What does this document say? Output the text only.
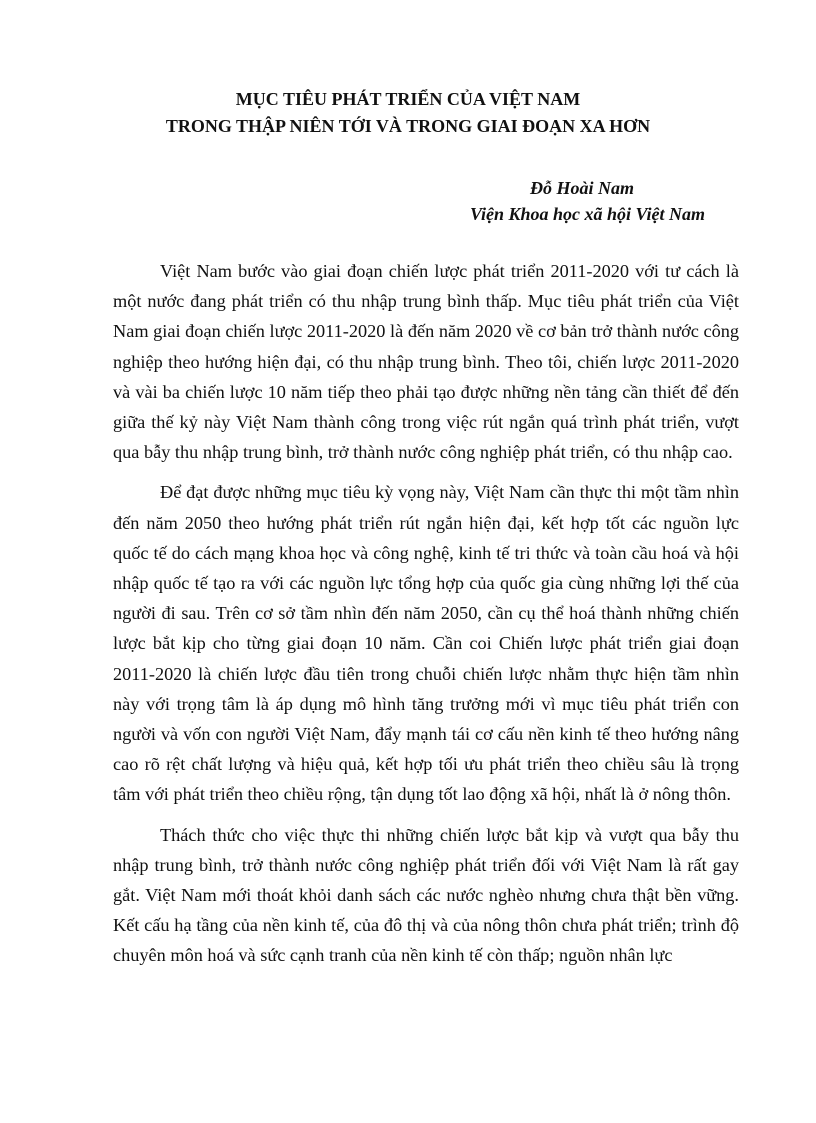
MỤC TIÊU PHÁT TRIỂN CỦA VIỆT NAM
TRONG THẬP NIÊN TỚI VÀ TRONG GIAI ĐOẠN XA HƠN

Đỗ Hoài Nam

Viện Khoa học xã hội Việt Nam

Việt Nam bước vào giai đoạn chiến lược phát triển 2011-2020 với tư cách là một nước đang phát triển có thu nhập trung bình thấp. Mục tiêu phát triển của Việt Nam giai đoạn chiến lược 2011-2020 là đến năm 2020 về cơ bản trở thành nước công nghiệp theo hướng hiện đại, có thu nhập trung bình. Theo tôi, chiến lược 2011-2020 và vài ba chiến lược 10 năm tiếp theo phải tạo được những nền tảng cần thiết để đến giữa thế kỷ này Việt Nam thành công trong việc rút ngắn quá trình phát triển, vượt qua bẫy thu nhập trung bình, trở thành nước công nghiệp phát triển, có thu nhập cao.

Để đạt được những mục tiêu kỳ vọng này, Việt Nam cần thực thi một tầm nhìn đến năm 2050 theo hướng phát triển rút ngắn hiện đại, kết hợp tốt các nguồn lực quốc tế do cách mạng khoa học và công nghệ, kinh tế tri thức và toàn cầu hoá và hội nhập quốc tế tạo ra với các nguồn lực tổng hợp của quốc gia cùng những lợi thế của người đi sau. Trên cơ sở tầm nhìn đến năm 2050, cần cụ thể hoá thành những chiến lược bắt kịp cho từng giai đoạn 10 năm. Cần coi Chiến lược phát triển giai đoạn 2011-2020 là chiến lược đầu tiên trong chuỗi chiến lược nhằm thực hiện tầm nhìn này với trọng tâm là áp dụng mô hình tăng trưởng mới vì mục tiêu phát triển con người và vốn con người Việt Nam, đẩy mạnh tái cơ cấu nền kinh tế theo hướng nâng cao rõ rệt chất lượng và hiệu quả, kết hợp tối ưu phát triển theo chiều sâu là trọng tâm với phát triển theo chiều rộng, tận dụng tốt lao động xã hội, nhất là ở nông thôn.

Thách thức cho việc thực thi những chiến lược bắt kịp và vượt qua bẫy thu nhập trung bình, trở thành nước công nghiệp phát triển đối với Việt Nam là rất gay gắt. Việt Nam mới thoát khỏi danh sách các nước nghèo nhưng chưa thật bền vững. Kết cấu hạ tầng của nền kinh tế, của đô thị và của nông thôn chưa phát triển; trình độ chuyên môn hoá và sức cạnh tranh của nền kinh tế còn thấp; nguồn nhân lực
